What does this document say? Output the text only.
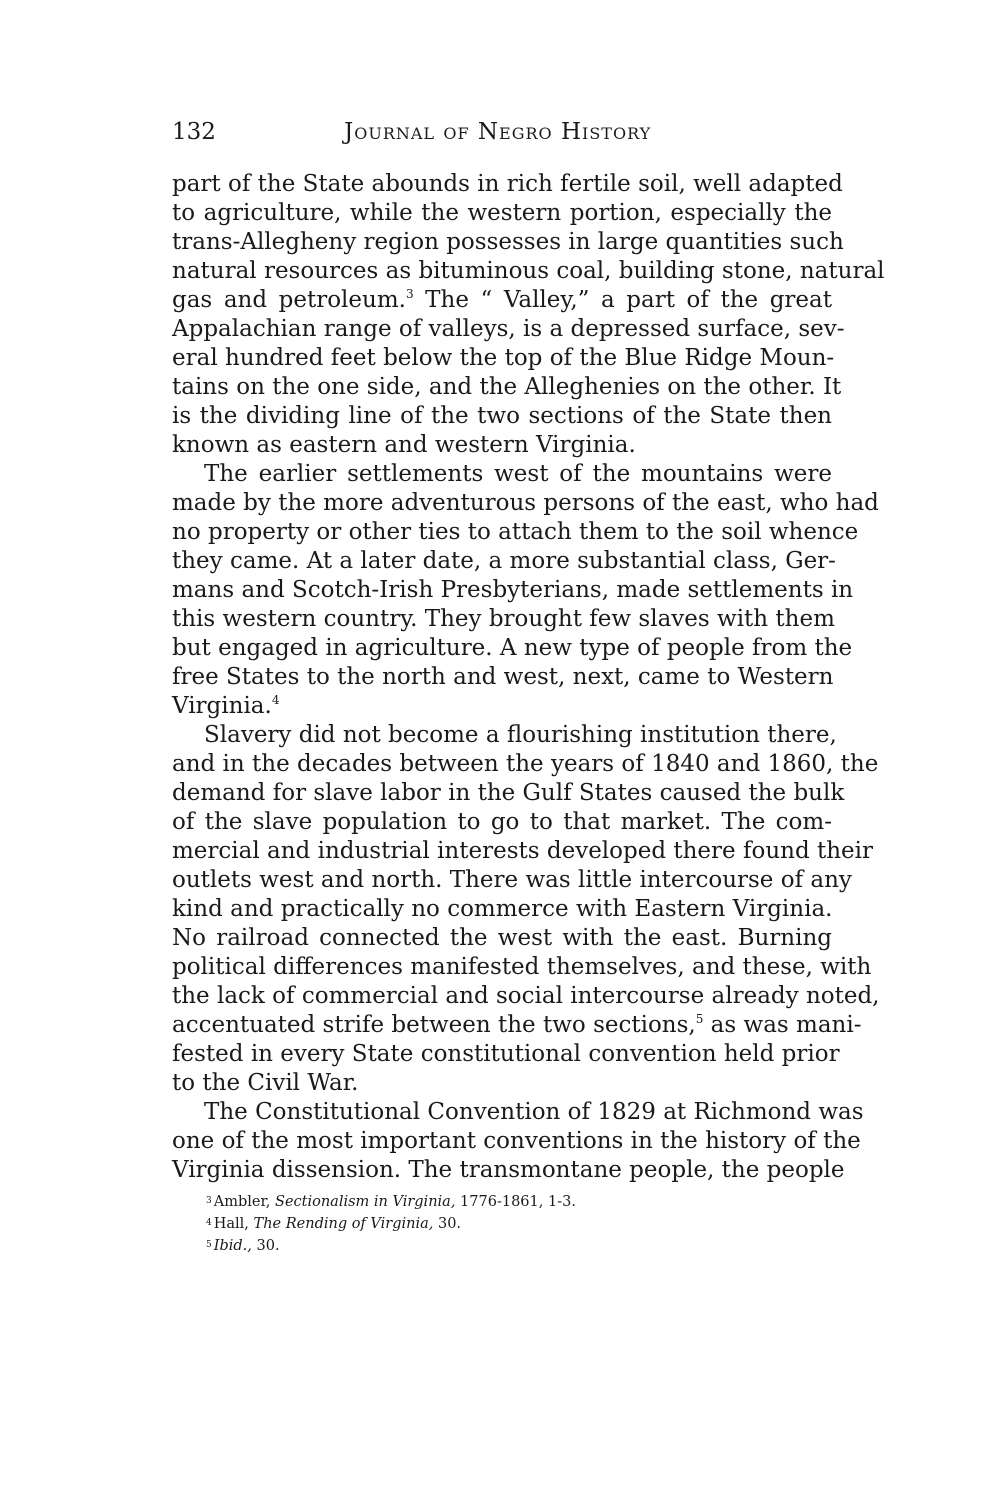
132	Journal of Negro History
part of the State abounds in rich fertile soil, well adapted
to agriculture, while the western portion, especially the
trans-Allegheny region possesses in large quantities such
natural resources as bituminous coal, building stone, natural
gas and petroleum.$^3$ The “ Valley,” a part of the great
Appalachian range of valleys, is a depressed surface, sev-
eral hundred feet below the top of the Blue Ridge Moun-
tains on the one side, and the Alleghenies on the other. It
is the dividing line of the two sections of the State then
known as eastern and western Virginia.
The earlier settlements west of the mountains were
made by the more adventurous persons of the east, who had
no property or other ties to attach them to the soil whence
they came. At a later date, a more substantial class, Ger-
mans and Scotch-Irish Presbyterians, made settlements in
this western country. They brought few slaves with them
but engaged in agriculture. A new type of people from the
free States to the north and west, next, came to Western
Virginia.$^4$
Slavery did not become a flourishing institution there,
and in the decades between the years of 1840 and 1860, the
demand for slave labor in the Gulf States caused the bulk
of the slave population to go to that market. The com-
mercial and industrial interests developed there found their
outlets west and north. There was little intercourse of any
kind and practically no commerce with Eastern Virginia.
No railroad connected the west with the east. Burning
political differences manifested themselves, and these, with
the lack of commercial and social intercourse already noted,
accentuated strife between the two sections,$^5$ as was mani-
fested in every State constitutional convention held prior
to the Civil War.
The Constitutional Convention of 1829 at Richmond was
one of the most important conventions in the history of the
Virginia dissension. The transmontane people, the people
$^3$ Ambler, Sectionalism in Virginia, 1776-1861, 1-3.
$^4$ Hall, The Rending of Virginia, 30.
$^5$ Ibid., 30.
